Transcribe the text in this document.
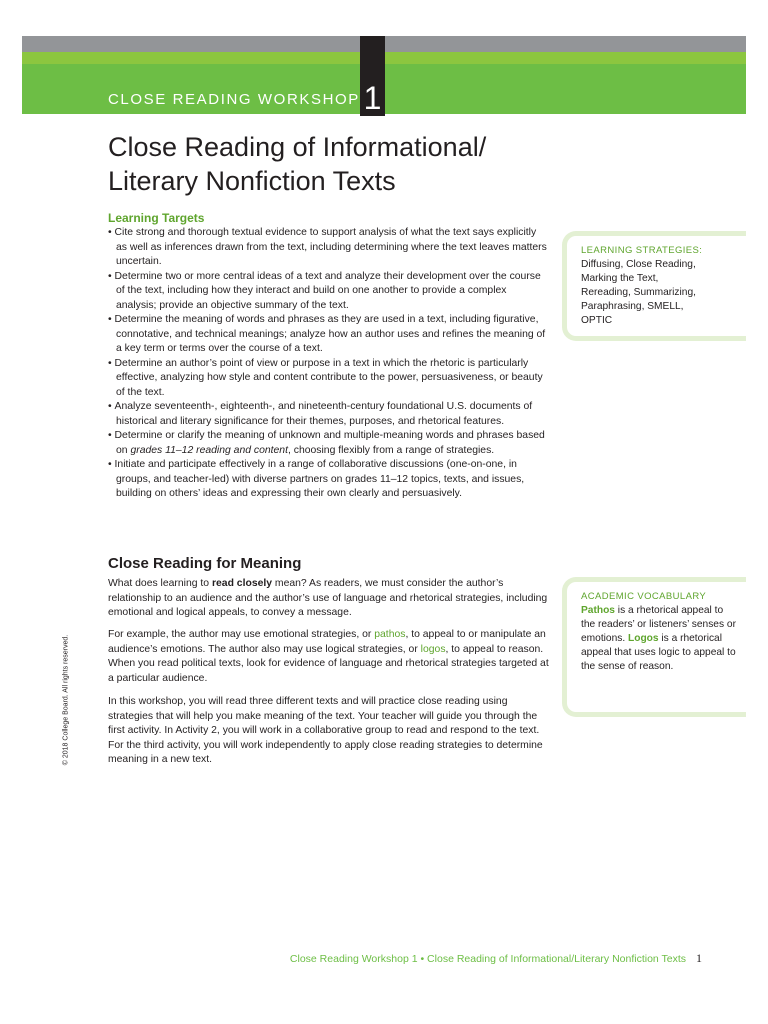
CLOSE READING WORKSHOP 1
Close Reading of Informational/
Literary Nonfiction Texts
Learning Targets
• Cite strong and thorough textual evidence to support analysis of what the text says explicitly as well as inferences drawn from the text, including determining where the text leaves matters uncertain.
• Determine two or more central ideas of a text and analyze their development over the course of the text, including how they interact and build on one another to provide a complex analysis; provide an objective summary of the text.
• Determine the meaning of words and phrases as they are used in a text, including figurative, connotative, and technical meanings; analyze how an author uses and refines the meaning of a key term or terms over the course of a text.
• Determine an author’s point of view or purpose in a text in which the rhetoric is particularly effective, analyzing how style and content contribute to the power, persuasiveness, or beauty of the text.
• Analyze seventeenth-, eighteenth-, and nineteenth-century foundational U.S. documents of historical and literary significance for their themes, purposes, and rhetorical features.
• Determine or clarify the meaning of unknown and multiple-meaning words and phrases based on grades 11–12 reading and content, choosing flexibly from a range of strategies.
• Initiate and participate effectively in a range of collaborative discussions (one-on-one, in groups, and teacher-led) with diverse partners on grades 11–12 topics, texts, and issues, building on others’ ideas and expressing their own clearly and persuasively.
LEARNING STRATEGIES:
Diffusing, Close Reading,
Marking the Text,
Rereading, Summarizing,
Paraphrasing, SMELL,
OPTIC
Close Reading for Meaning

What does learning to read closely mean? As readers, we must consider the author’s relationship to an audience and the author’s use of language and rhetorical strategies, including emotional and logical appeals, to convey a message.

For example, the author may use emotional strategies, or pathos, to appeal to or manipulate an audience’s emotions. The author also may use logical strategies, or logos, to appeal to reason. When you read political texts, look for evidence of language and rhetorical strategies targeted at a particular audience.

In this workshop, you will read three different texts and will practice close reading using strategies that will help you make meaning of the text. Your teacher will guide you through the first activity. In Activity 2, you will work in a collaborative group to read and respond to the text. For the third activity, you will work independently to apply close reading strategies to determine meaning in a new text.

ACADEMIC VOCABULARY
Pathos is a rhetorical appeal to the readers’ or listeners’ senses or emotions. Logos is a rhetorical appeal that uses logic to appeal to the sense of reason.
© 2018 College Board. All rights reserved.
Close Reading Workshop 1 • Close Reading of Informational/Literary Nonfiction Texts 1
